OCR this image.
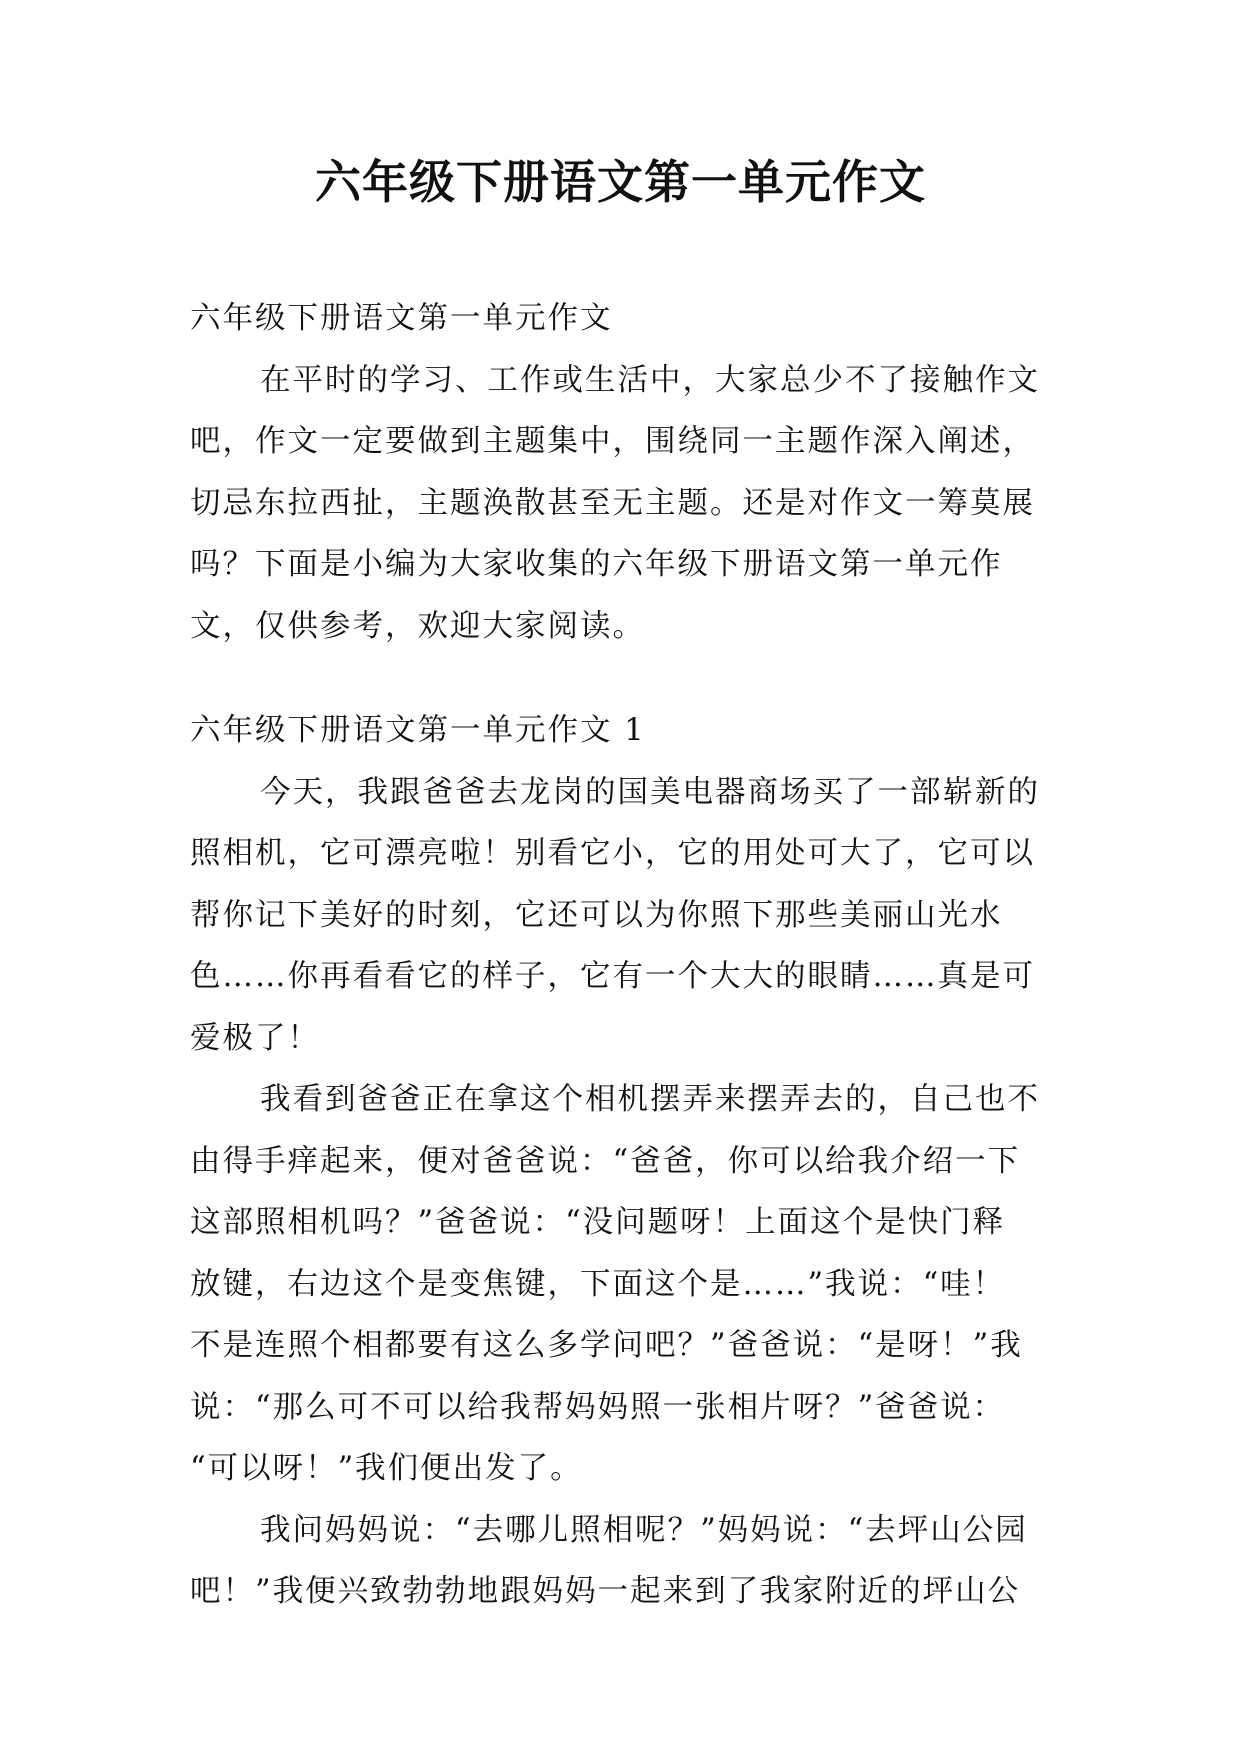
六年级下册语文第一单元作文

六年级下册语文第一单元作文

在平时的学习、工作或生活中，大家总少不了接触作文

吧，作文一定要做到主题集中，围绕同一主题作深入阐述，

切忌东拉西扯，主题涣散甚至无主题。还是对作文一筹莫展

吗？下面是小编为大家收集的六年级下册语文第一单元作

文，仅供参考，欢迎大家阅读。

六年级下册语文第一单元作文 1

今天，我跟爸爸去龙岗的国美电器商场买了一部崭新的

照相机，它可漂亮啦！别看它小，它的用处可大了，它可以

帮你记下美好的时刻，它还可以为你照下那些美丽山光水

色……你再看看它的样子，它有一个大大的眼睛……真是可

爱极了！

我看到爸爸正在拿这个相机摆弄来摆弄去的，自己也不

由得手痒起来，便对爸爸说：“爸爸，你可以给我介绍一下

这部照相机吗？”爸爸说：“没问题呀！上面这个是快门释

放键，右边这个是变焦键，下面这个是……”我说：“哇！

不是连照个相都要有这么多学问吧？”爸爸说：“是呀！”我

说：“那么可不可以给我帮妈妈照一张相片呀？”爸爸说：

“可以呀！”我们便出发了。

我问妈妈说：“去哪儿照相呢？”妈妈说：“去坪山公园

吧！”我便兴致勃勃地跟妈妈一起来到了我家附近的坪山公
